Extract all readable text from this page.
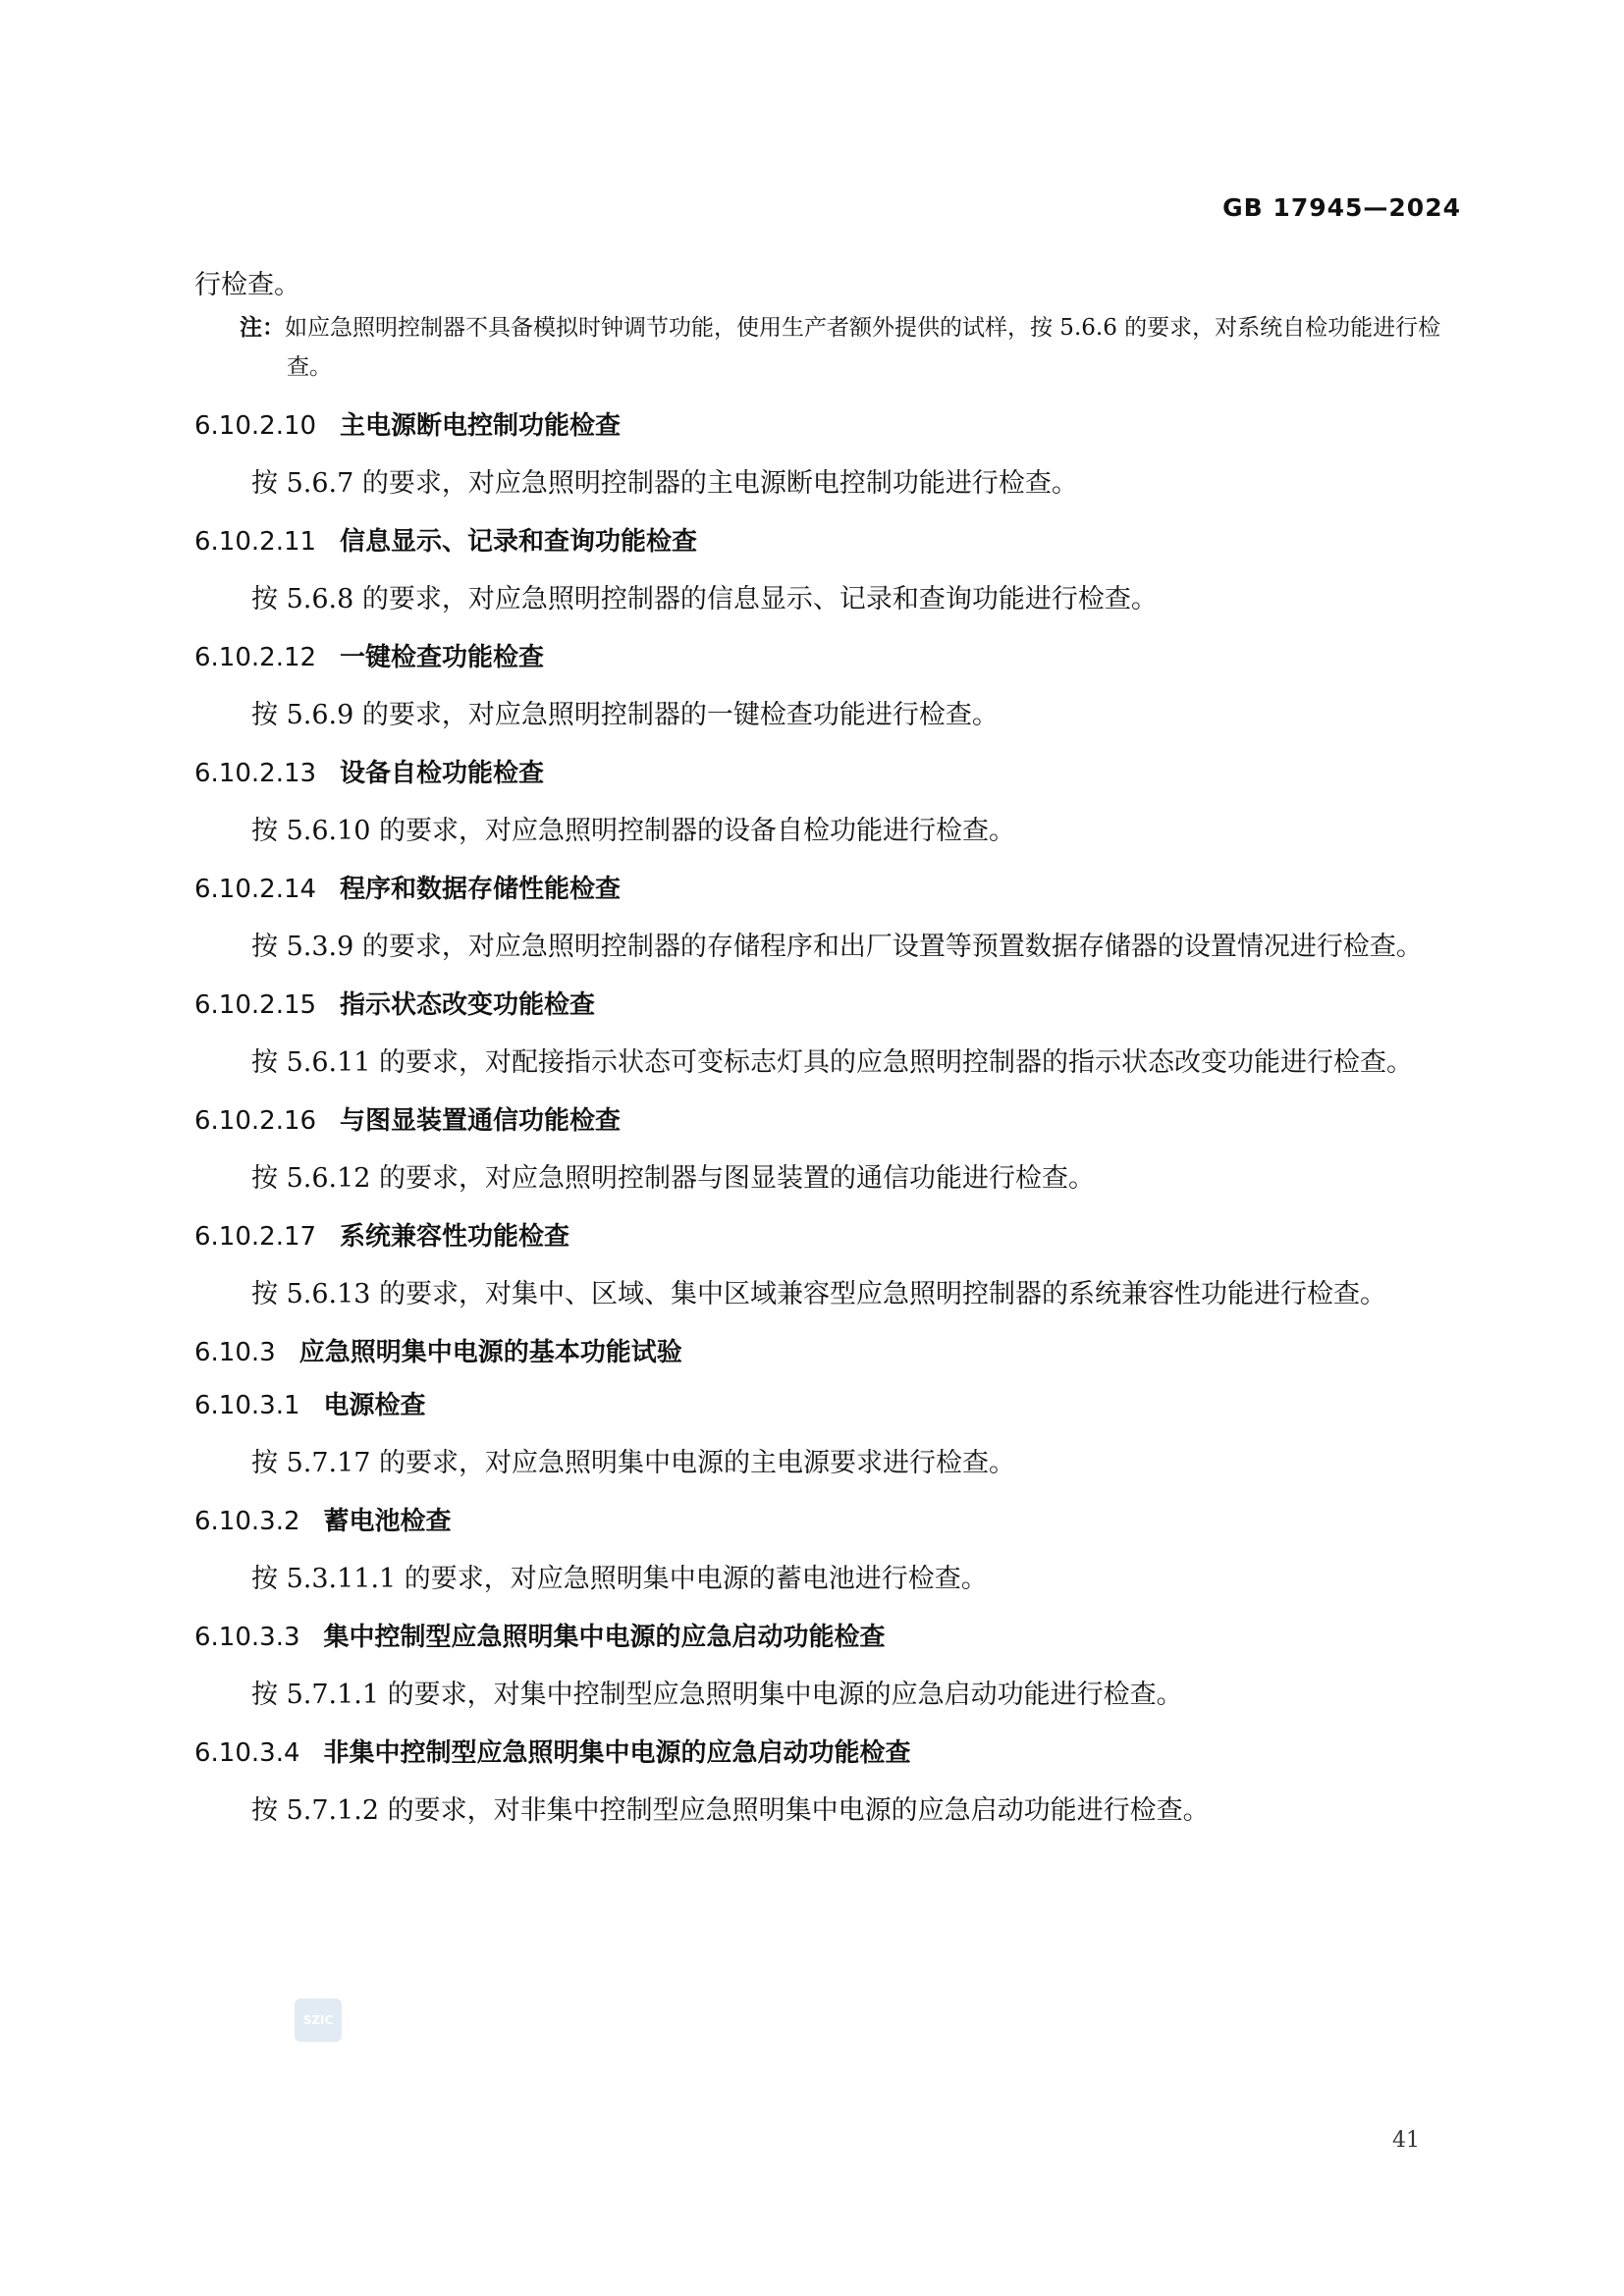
GB 17945—2024

行检查。

注：如应急照明控制器不具备模拟时钟调节功能，使用生产者额外提供的试样，按 5.6.6 的要求，对系统自检功能进行检查。

6.10.2.10 主电源断电控制功能检查

按 5.6.7 的要求，对应急照明控制器的主电源断电控制功能进行检查。

6.10.2.11 信息显示、记录和查询功能检查

按 5.6.8 的要求，对应急照明控制器的信息显示、记录和查询功能进行检查。

6.10.2.12 一键检查功能检查

按 5.6.9 的要求，对应急照明控制器的一键检查功能进行检查。

6.10.2.13 设备自检功能检查

按 5.6.10 的要求，对应急照明控制器的设备自检功能进行检查。

6.10.2.14 程序和数据存储性能检查

按 5.3.9 的要求，对应急照明控制器的存储程序和出厂设置等预置数据存储器的设置情况进行检查。

6.10.2.15 指示状态改变功能检查

按 5.6.11 的要求，对配接指示状态可变标志灯具的应急照明控制器的指示状态改变功能进行检查。

6.10.2.16 与图显装置通信功能检查

按 5.6.12 的要求，对应急照明控制器与图显装置的通信功能进行检查。

6.10.2.17 系统兼容性功能检查

按 5.6.13 的要求，对集中、区域、集中区域兼容型应急照明控制器的系统兼容性功能进行检查。

6.10.3 应急照明集中电源的基本功能试验
6.10.3.1 电源检查

按 5.7.17 的要求，对应急照明集中电源的主电源要求进行检查。

6.10.3.2 蓄电池检查

按 5.3.11.1 的要求，对应急照明集中电源的蓄电池进行检查。

6.10.3.3 集中控制型应急照明集中电源的应急启动功能检查

按 5.7.1.1 的要求，对集中控制型应急照明集中电源的应急启动功能进行检查。

6.10.3.4 非集中控制型应急照明集中电源的应急启动功能检查

按 5.7.1.2 的要求，对非集中控制型应急照明集中电源的应急启动功能进行检查。

SZIC
41
